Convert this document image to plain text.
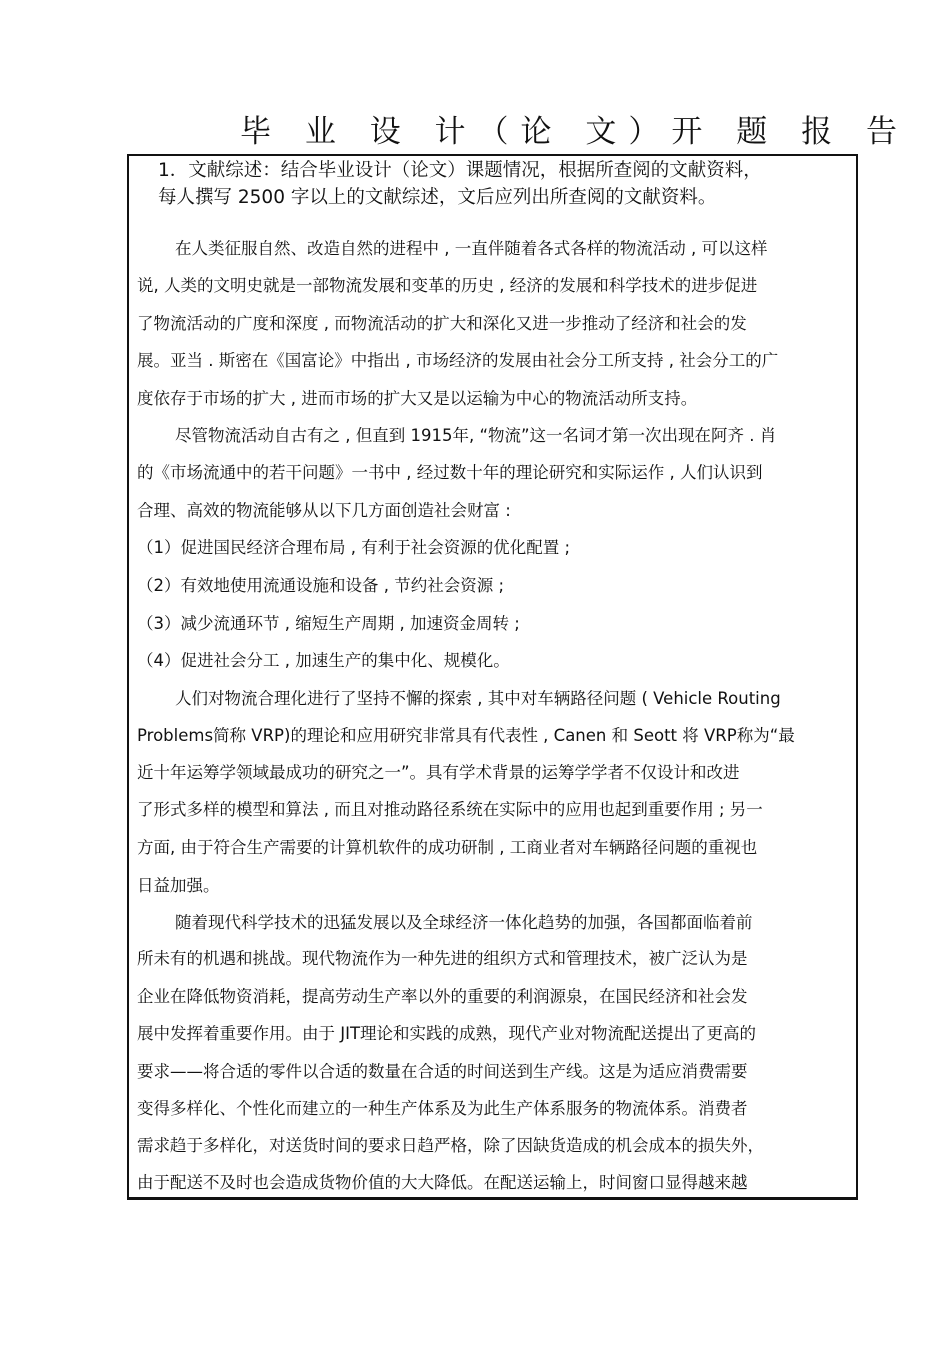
毕 业 设 计（论 文）开 题 报 告
1．文献综述：结合毕业设计（论文）课题情况，根据所查阅的文献资料，
每人撰写 2500 字以上的文献综述，文后应列出所查阅的文献资料。
在人类征服自然、改造自然的进程中 , 一直伴随着各式各样的物流活动 , 可以这样
说, 人类的文明史就是一部物流发展和变革的历史 , 经济的发展和科学技术的进步促进
了物流活动的广度和深度 , 而物流活动的扩大和深化又进一步推动了经济和社会的发
展。亚当 . 斯密在《国富论》中指出 , 市场经济的发展由社会分工所支持 , 社会分工的广
度依存于市场的扩大 , 进而市场的扩大又是以运输为中心的物流活动所支持。
尽管物流活动自古有之 , 但直到 1915年, “物流”这一名词才第一次出现在阿齐 . 肖
的《市场流通中的若干问题》一书中 , 经过数十年的理论研究和实际运作 , 人们认识到
合理、高效的物流能够从以下几方面创造社会财富 :
（1）促进国民经济合理布局 , 有利于社会资源的优化配置 ;
（2）有效地使用流通设施和设备 , 节约社会资源 ;
（3）减少流通环节 , 缩短生产周期 , 加速资金周转 ;
（4）促进社会分工 , 加速生产的集中化、规模化。
人们对物流合理化进行了坚持不懈的探索 , 其中对车辆路径问题 ( Vehicle Routing
Problems简称 VRP)的理论和应用研究非常具有代表性 , Canen 和 Seott 将 VRP称为“最
近十年运筹学领域最成功的研究之一”。具有学术背景的运筹学学者不仅设计和改进
了形式多样的模型和算法 , 而且对推动路径系统在实际中的应用也起到重要作用 ; 另一
方面, 由于符合生产需要的计算机软件的成功研制 , 工商业者对车辆路径问题的重视也
日益加强。
随着现代科学技术的迅猛发展以及全球经济一体化趋势的加强，各国都面临着前
所未有的机遇和挑战。现代物流作为一种先进的组织方式和管理技术，被广泛认为是
企业在降低物资消耗，提高劳动生产率以外的重要的利润源泉，在国民经济和社会发
展中发挥着重要作用。由于 JIT理论和实践的成熟，现代产业对物流配送提出了更高的
要求——将合适的零件以合适的数量在合适的时间送到生产线。这是为适应消费需要
变得多样化、个性化而建立的一种生产体系及为此生产体系服务的物流体系。消费者
需求趋于多样化，对送货时间的要求日趋严格，除了因缺货造成的机会成本的损失外，
由于配送不及时也会造成货物价值的大大降低。在配送运输上，时间窗口显得越来越
